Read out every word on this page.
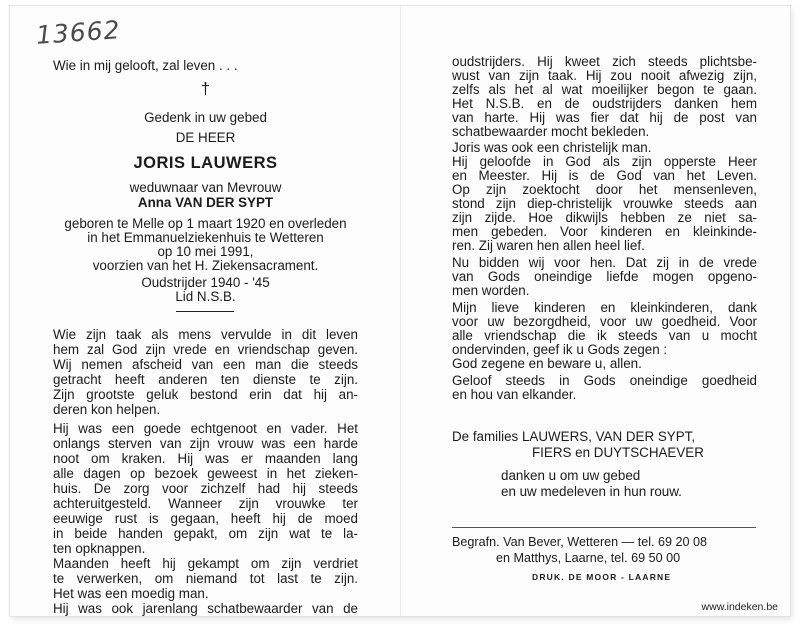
13662

Wie in mij gelooft, zal leven . . .

†

Gedenk in uw gebed

DE HEER

JORIS LAUWERS

weduwnaar van Mevrouw

Anna VAN DER SYPT

geboren te Melle op 1 maart 1920 en overleden

in het Emmanuelziekenhuis te Wetteren

op 10 mei 1991,

voorzien van het H. Ziekensacrament.

Oudstrijder 1940 - '45

Lid N.S.B.

Wie zijn taak als mens vervulde in dit leven

hem zal God zijn vrede en vriendschap geven.

Wij nemen afscheid van een man die steeds

getracht heeft anderen ten dienste te zijn.

Zijn grootste geluk bestond erin dat hij an-

deren kon helpen.

Hij was een goede echtgenoot en vader. Het

onlangs sterven van zijn vrouw was een harde

noot om kraken. Hij was er maanden lang

alle dagen op bezoek geweest in het zieken-

huis. De zorg voor zichzelf had hij steeds

achteruitgesteld. Wanneer zijn vrouwke ter

eeuwige rust is gegaan, heeft hij de moed

in beide handen gepakt, om zijn wat te la-

ten opknappen.

Maanden heeft hij gekampt om zijn verdriet

te verwerken, om niemand tot last te zijn.

Het was een moedig man.

Hij was ook jarenlang schatbewaarder van de

oudstrijders. Hij kweet zich steeds plichtsbe-

wust van zijn taak. Hij zou nooit afwezig zijn,

zelfs als het al wat moeilijker begon te gaan.

Het N.S.B. en de oudstrijders danken hem

van harte. Hij was fier dat hij de post van

schatbewaarder mocht bekleden.

Joris was ook een christelijk man.

Hij geloofde in God als zijn opperste Heer

en Meester. Hij is de God van het Leven.

Op zijn zoektocht door het mensenleven,

stond zijn diep-christelijk vrouwke steeds aan

zijn zijde. Hoe dikwijls hebben ze niet sa-

men gebeden. Voor kinderen en kleinkinde-

ren. Zij waren hen allen heel lief.

Nu bidden wij voor hen. Dat zij in de vrede

van Gods oneindige liefde mogen opgeno-

men worden.

Mijn lieve kinderen en kleinkinderen, dank

voor uw bezorgdheid, voor uw goedheid. Voor

alle vriendschap die ik steeds van u mocht

ondervinden, geef ik u Gods zegen :

God zegene en beware u, allen.

Geloof steeds in Gods oneindige goedheid

en hou van elkander.

De families LAUWERS, VAN DER SYPT,

FIERS en DUYTSCHAEVER

danken u om uw gebed

en uw medeleven in hun rouw.

Begrafn. Van Bever, Wetteren — tel. 69 20 08

en Matthys, Laarne, tel. 69 50 00

DRUK. DE MOOR - LAARNE

www.indeken.be
